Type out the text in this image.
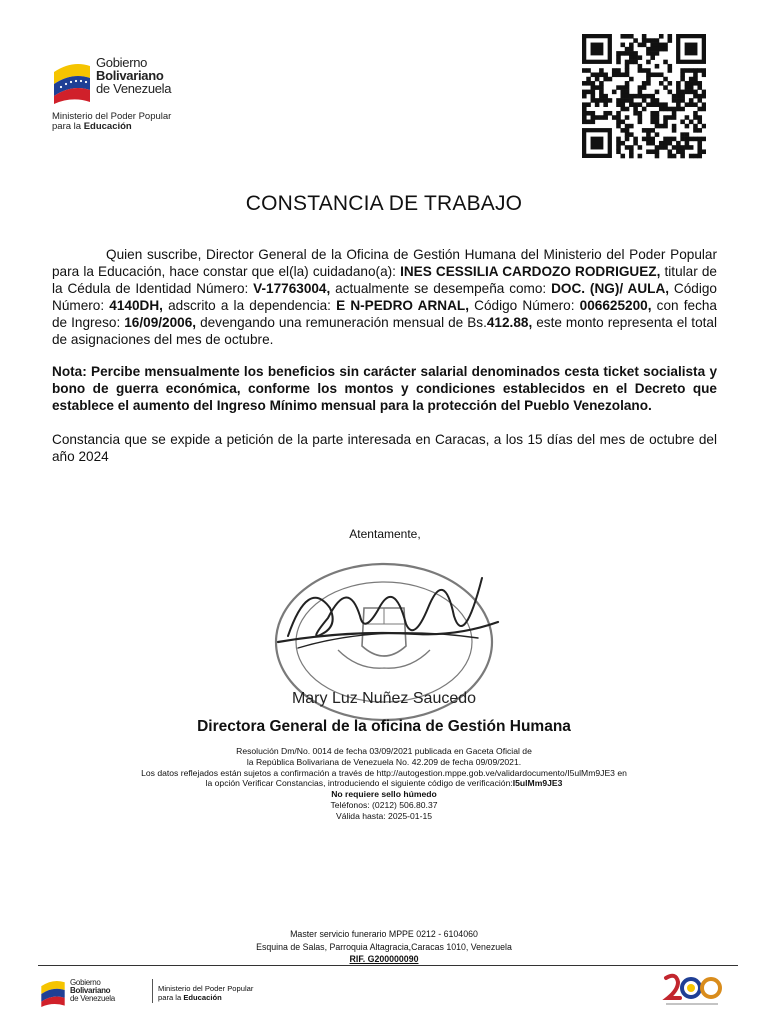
Gobierno
Bolivariano
de Venezuela
Ministerio del Poder Popular
para la Educación
CONSTANCIA DE TRABAJO
Quien suscribe, Director General de la Oficina de Gestión Humana del Ministerio del Poder Popular para la Educación, hace constar que el(la) cuidadano(a): INES CESSILIA CARDOZO RODRIGUEZ, titular de la Cédula de Identidad Número: V-17763004, actualmente se desempeña como: DOC. (NG)/ AULA, Código Número: 4140DH, adscrito a la dependencia: E N-PEDRO ARNAL, Código Número: 006625200, con fecha de Ingreso: 16/09/2006, devengando una remuneración mensual de Bs.412.88, este monto representa el total de asignaciones del mes de octubre.
Nota: Percibe mensualmente los beneficios sin carácter salarial denominados cesta ticket socialista y bono de guerra económica, conforme los montos y condiciones establecidos en el Decreto que establece el aumento del Ingreso Mínimo mensual para la protección del Pueblo Venezolano.
Constancia que se expide a petición de la parte interesada en Caracas, a los 15 días del mes de octubre del año 2024
Atentamente,
Mary Luz Nuñez Saucedo
Directora General de la oficina de Gestión Humana
Resolución Dm/No. 0014 de fecha 03/09/2021 publicada en Gaceta Oficial de
la República Bolivariana de Venezuela No. 42.209 de fecha 09/09/2021.
Los datos reflejados están sujetos a confirmación a través de http://autogestion.mppe.gob.ve/validardocumento/I5ulMm9JE3 en
la opción Verificar Constancias, introduciendo el siguiente código de verificación:I5ulMm9JE3
No requiere sello húmedo
Teléfonos: (0212) 506.80.37
Válida hasta: 2025-01-15
Master servicio funerario MPPE 0212 - 6104060
Esquina de Salas, Parroquia Altagracia,Caracas 1010, Venezuela
RIF. G200000090
Gobierno
Bolivariano
de Venezuela
Ministerio del Poder Popular
para la Educación
